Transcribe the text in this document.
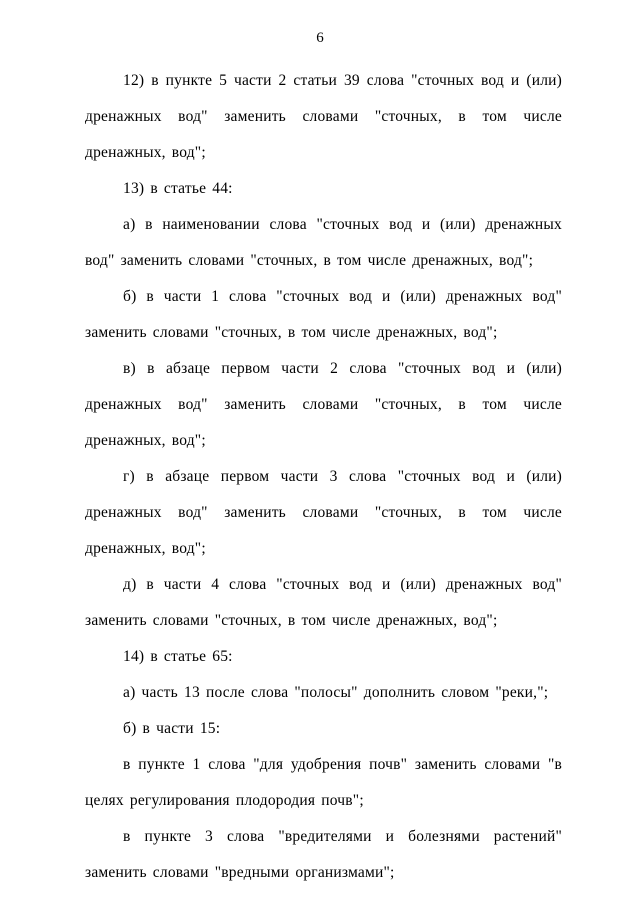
6

12) в пункте 5 части 2 статьи 39 слова "сточных вод и (или) дренажных вод" заменить словами "сточных, в том числе дренажных, вод";

13) в статье 44:

а) в наименовании слова "сточных вод и (или) дренажных вод" заменить словами "сточных, в том числе дренажных, вод";

б) в части 1 слова "сточных вод и (или) дренажных вод" заменить словами "сточных, в том числе дренажных, вод";

в) в абзаце первом части 2 слова "сточных вод и (или) дренажных вод" заменить словами "сточных, в том числе дренажных, вод";

г) в абзаце первом части 3 слова "сточных вод и (или) дренажных вод" заменить словами "сточных, в том числе дренажных, вод";

д) в части 4 слова "сточных вод и (или) дренажных вод" заменить словами "сточных, в том числе дренажных, вод";

14) в статье 65:

а) часть 13 после слова "полосы" дополнить словом "реки,";

б) в части 15:

в пункте 1 слова "для удобрения почв" заменить словами "в целях регулирования плодородия почв";

в пункте 3 слова "вредителями и болезнями растений" заменить словами "вредными организмами";
